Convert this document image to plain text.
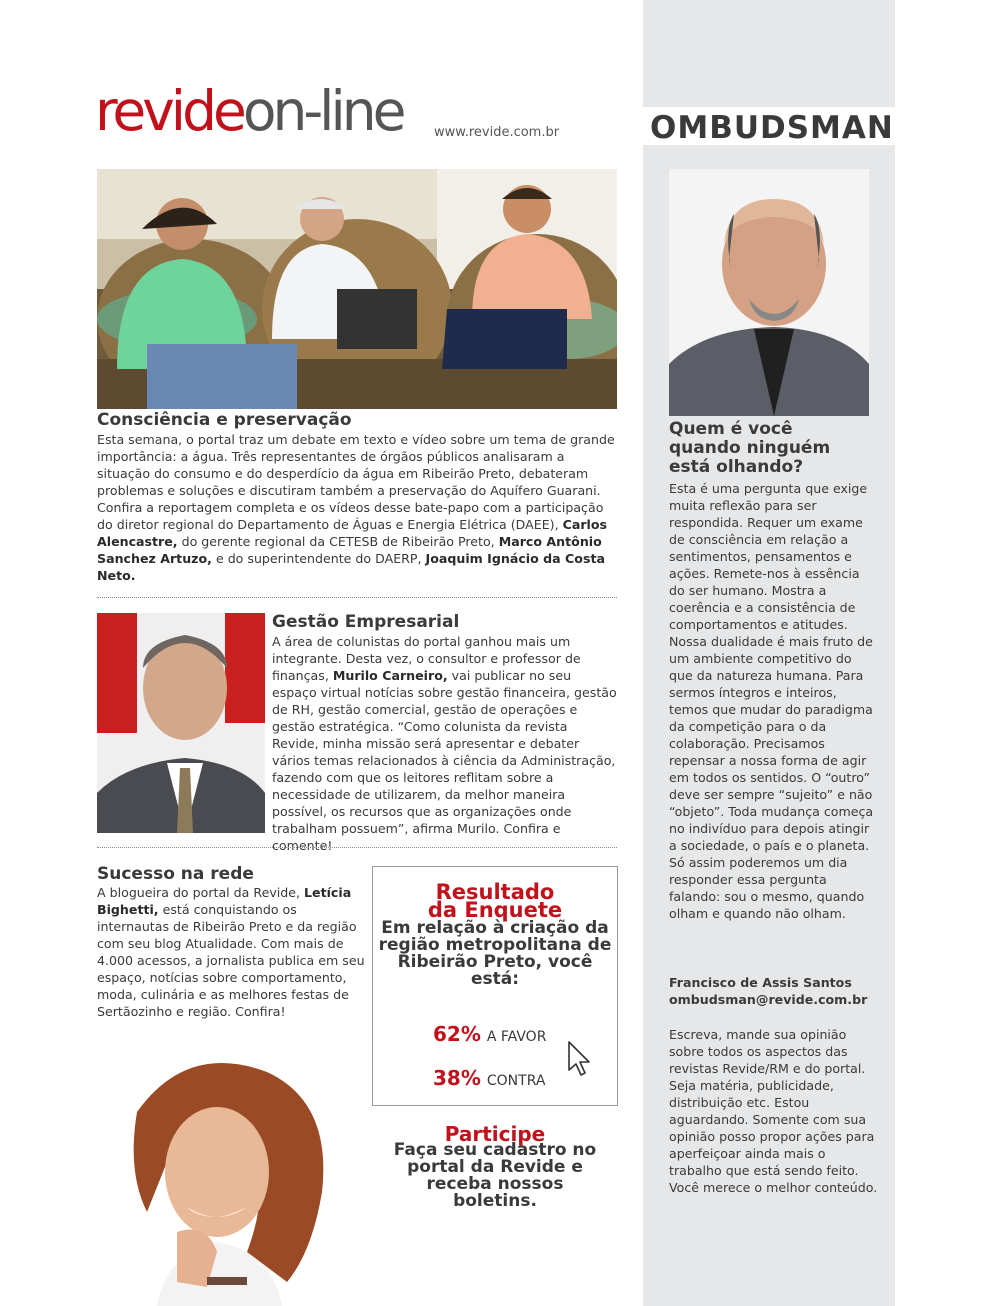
OMBUDSMAN
revideon-line www.revide.com.br
Consciência e preservação
Esta semana, o portal traz um debate em texto e vídeo sobre um tema de grande importância: a água. Três representantes de órgãos públicos analisaram a situação do consumo e do desperdício da água em Ribeirão Preto, debateram problemas e soluções e discutiram também a preservação do Aquífero Guarani. Confira a reportagem completa e os vídeos desse bate-papo com a participação do diretor regional do Departamento de Águas e Energia Elétrica (DAEE), Carlos Alencastre, do gerente regional da CETESB de Ribeirão Preto, Marco Antônio Sanchez Artuzo, e do superintendente do DAERP, Joaquim Ignácio da Costa Neto.
Gestão Empresarial
A área de colunistas do portal ganhou mais um integrante. Desta vez, o consultor e professor de finanças, Murilo Carneiro, vai publicar no seu espaço virtual notícias sobre gestão financeira, gestão de RH, gestão comercial, gestão de operações e gestão estratégica. “Como colunista da revista Revide, minha missão será apresentar e debater vários temas relacionados à ciência da Administração, fazendo com que os leitores reflitam sobre a necessidade de utilizarem, da melhor maneira possível, os recursos que as organizações onde trabalham possuem”, afirma Murilo. Confira e comente!
Sucesso na rede
A blogueira do portal da Revide, Letícia Bighetti, está conquistando os internautas de Ribeirão Preto e da região com seu blog Atualidade. Com mais de 4.000 acessos, a jornalista publica em seu espaço, notícias sobre comportamento, moda, culinária e as melhores festas de Sertãozinho e região. Confira!
Resultado
da Enquete
Em relação à criação da região metropolitana de Ribeirão Preto, você está:
62% A FAVOR
38% CONTRA
Participe
Faça seu cadastro no portal da Revide e receba nossos boletins.
Quem é você quando ninguém está olhando?
Esta é uma pergunta que exige muita reflexão para ser respondida. Requer um exame de consciência em relação a sentimentos, pensamentos e ações. Remete-nos à essência do ser humano. Mostra a coerência e a consistência de comportamentos e atitudes. Nossa dualidade é mais fruto de um ambiente competitivo do que da natureza humana. Para sermos íntegros e inteiros, temos que mudar do paradigma da competição para o da colaboração. Precisamos repensar a nossa forma de agir em todos os sentidos. O “outro” deve ser sempre “sujeito” e não “objeto”. Toda mudança começa no indivíduo para depois atingir a sociedade, o país e o planeta. Só assim poderemos um dia responder essa pergunta falando: sou o mesmo, quando olham e quando não olham.
Francisco de Assis Santos
ombudsman@revide.com.br
Escreva, mande sua opinião sobre todos os aspectos das revistas Revide/RM e do portal. Seja matéria, publicidade, distribuição etc. Estou aguardando. Somente com sua opinião posso propor ações para aperfeiçoar ainda mais o trabalho que está sendo feito. Você merece o melhor conteúdo.
